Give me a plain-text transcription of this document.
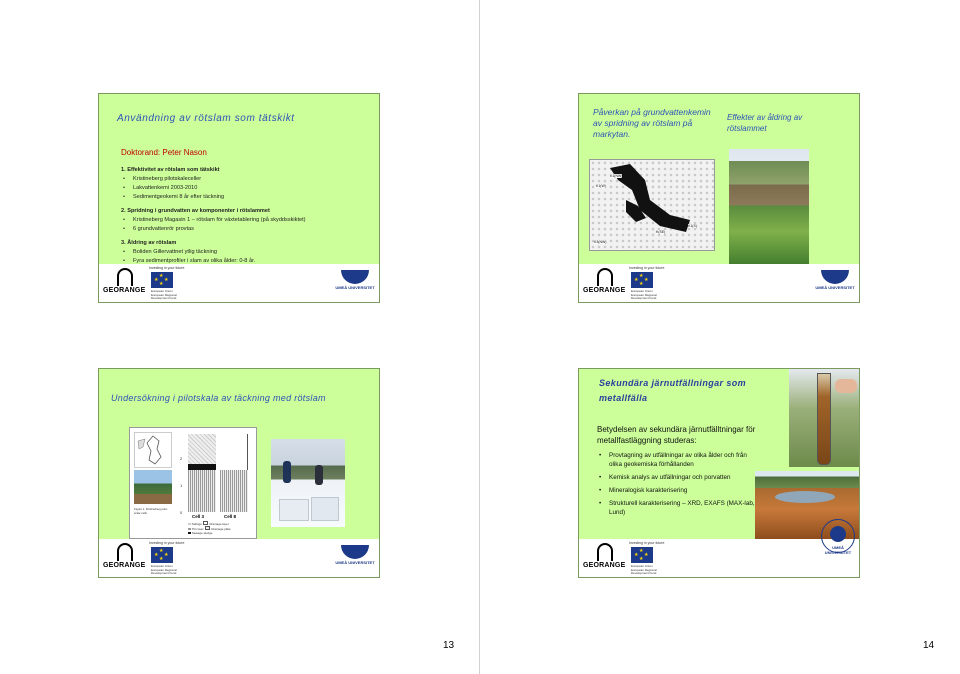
Användning av rötslam som tätskikt
Doktorand: Peter Nason
1. Effektivitet av rötslam som tätskikt
• Kristineberg pilotskaleceller
• Lakvattenkemi 2003-2010
• Sedimentgeokemi 8 år efter täckning
2. Spridning i grundvatten av komponenter i rötslammet
• Kristineberg Magasin 1 – rötslam för växtetablering (på skyddsskiktet)
• 6 grundvattenrör provtas
3. Åldring av rötslam
• Boliden Gillervattnet ytlig täckning
• Fyra sedimentprofiler i slam av olika ålder: 0-8 år.
GEORANGE
Investing in your future
★
★ ★
★
European Union European Regional Development Fund
UMEÅ UNIVERSITET
Undersökning i pilotskala av täckning med rötslam
Figure 1. Kristineberg pilot-scale cells
2
1
0
Cell 3	Cell 8
Tailings	Drainage layer
Till cover	Drainage plate
Sewage sludge
GEORANGE
Investing in your future
★
★ ★
★
European Union European Regional Development Fund
UMEÅ UNIVERSITET
13
Påverkan på grundvattenkemin av spridning av rötslam på markytan.
Effekter av åldring av rötslammet
K1(NW)
K1(W)
K(SE)
K1(S)
K3(NW)
GEORANGE
Investing in your future
★
★ ★
★
European Union European Regional Development Fund
UMEÅ UNIVERSITET
Sekundära järnutfällningar som metallfälla
Betydelsen av sekundära järnutfälltningar för metallfastläggning studeras:
• Provtagning av utfällningar av olika ålder och från olika geokemiska förhållanden
• Kemisk analys av utfällningar och porvatten
• Mineralogisk karakterisering
• Strukturell karakterisering – XRD, EXAFS (MAX-lab, Lund)
GEORANGE
Investing in your future
★
★ ★
★
European Union European Regional Development Fund
UMEÅ UNIVERSITET
14
